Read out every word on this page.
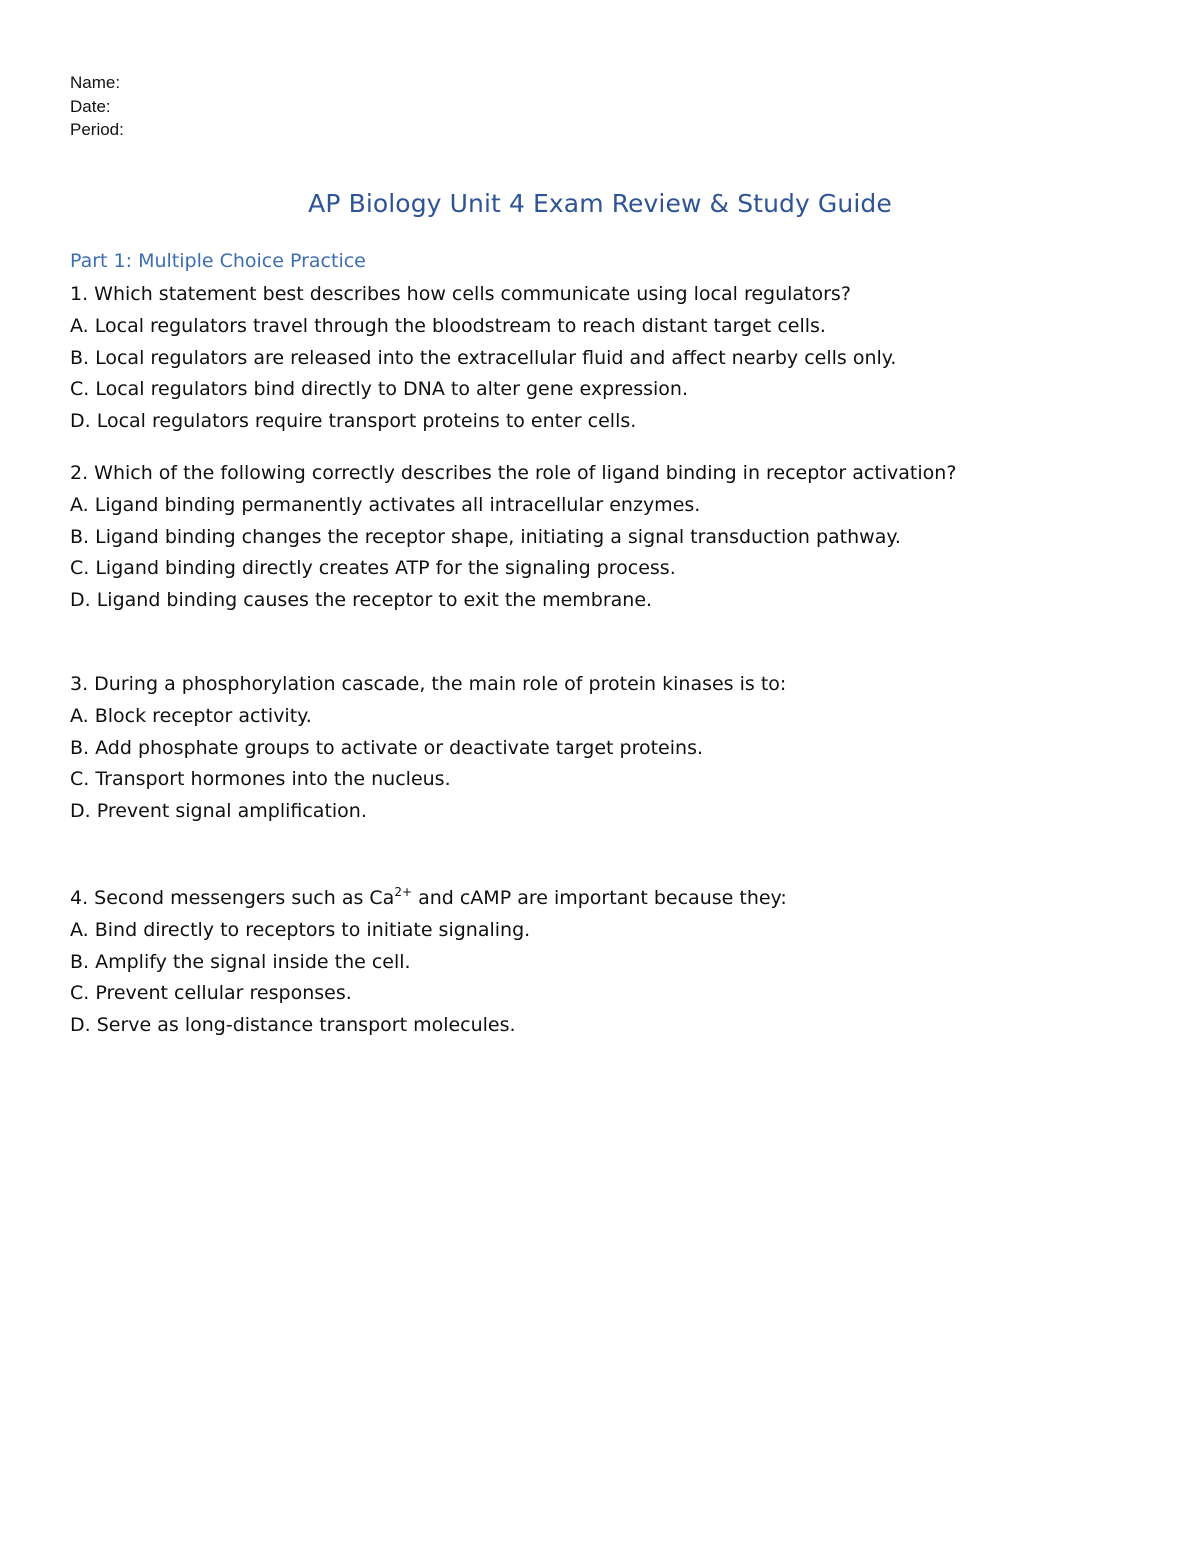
Name:
Date:
Period:
AP Biology Unit 4 Exam Review & Study Guide
Part 1: Multiple Choice Practice
1. Which statement best describes how cells communicate using local regulators?
A. Local regulators travel through the bloodstream to reach distant target cells.
B. Local regulators are released into the extracellular fluid and affect nearby cells only.
C. Local regulators bind directly to DNA to alter gene expression.
D. Local regulators require transport proteins to enter cells.
2. Which of the following correctly describes the role of ligand binding in receptor activation?
A. Ligand binding permanently activates all intracellular enzymes.
B. Ligand binding changes the receptor shape, initiating a signal transduction pathway.
C. Ligand binding directly creates ATP for the signaling process.
D. Ligand binding causes the receptor to exit the membrane.
3. During a phosphorylation cascade, the main role of protein kinases is to:
A. Block receptor activity.
B. Add phosphate groups to activate or deactivate target proteins.
C. Transport hormones into the nucleus.
D. Prevent signal amplification.
4. Second messengers such as $Ca^{2+}$ and cAMP are important because they:
A. Bind directly to receptors to initiate signaling.
B. Amplify the signal inside the cell.
C. Prevent cellular responses.
D. Serve as long-distance transport molecules.
